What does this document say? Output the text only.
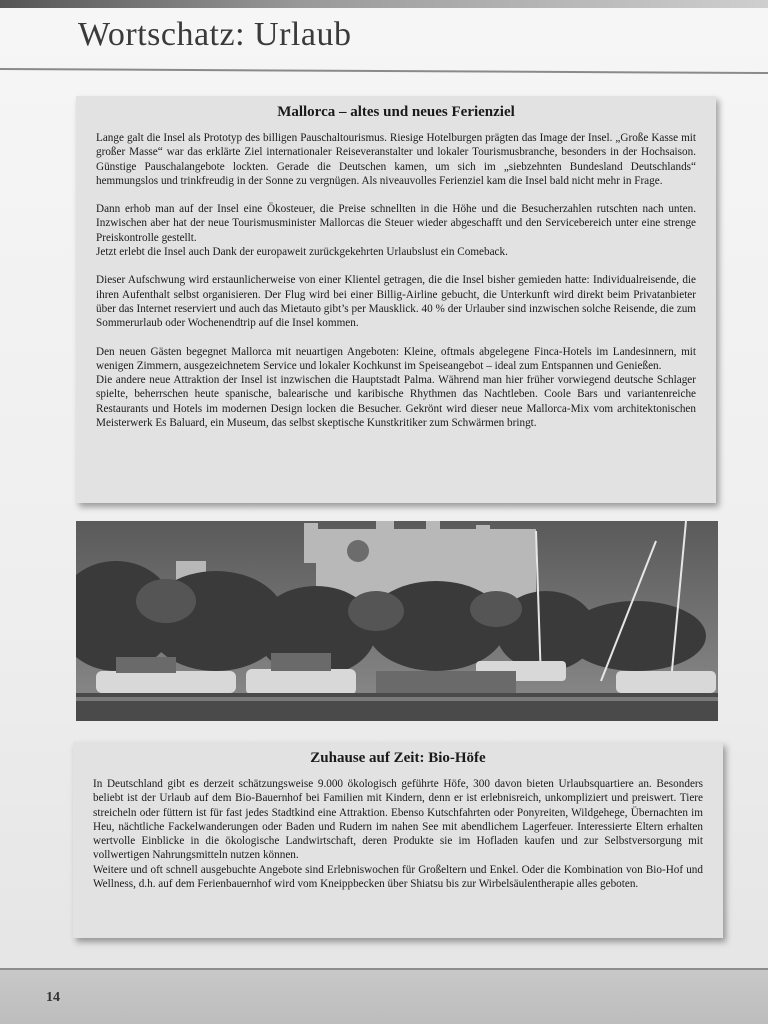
Wortschatz: Urlaub
Mallorca – altes und neues Ferienziel

Lange galt die Insel als Prototyp des billigen Pauschaltourismus. Riesige Hotelburgen prägten das Image der Insel. „Große Kasse mit großer Masse“ war das erklärte Ziel internationaler Reiseveranstalter und lokaler Tourismusbranche, besonders in der Hochsaison. Günstige Pauschalangebote lockten. Gerade die Deutschen kamen, um sich im „siebzehnten Bundesland Deutschlands“ hemmungslos und trinkfreudig in der Sonne zu vergnügen. Als niveauvolles Ferienziel kam die Insel bald nicht mehr in Frage.

Dann erhob man auf der Insel eine Ökosteuer, die Preise schnellten in die Höhe und die Besucherzahlen rutschten nach unten. Inzwischen aber hat der neue Tourismusminister Mallorcas die Steuer wieder abgeschafft und den Servicebereich unter eine strenge Preiskontrolle gestellt.

Jetzt erlebt die Insel auch Dank der europaweit zurückgekehrten Urlaubslust ein Comeback.

Dieser Aufschwung wird erstaunlicherweise von einer Klientel getragen, die die Insel bisher gemieden hatte: Individualreisende, die ihren Aufenthalt selbst organisieren. Der Flug wird bei einer Billig-Airline gebucht, die Unterkunft wird direkt beim Privatanbieter über das Internet reserviert und auch das Mietauto gibt’s per Mausklick. 40 % der Urlauber sind inzwischen solche Reisende, die zum Sommerurlaub oder Wochenendtrip auf die Insel kommen.

Den neuen Gästen begegnet Mallorca mit neuartigen Angeboten: Kleine, oftmals abgelegene Finca-Hotels im Landesinnern, mit wenigen Zimmern, ausgezeichnetem Service und lokaler Kochkunst im Speiseangebot – ideal zum Entspannen und Genießen.

Die andere neue Attraktion der Insel ist inzwischen die Hauptstadt Palma. Während man hier früher vorwiegend deutsche Schlager spielte, beherrschen heute spanische, balearische und karibische Rhythmen das Nachtleben. Coole Bars und variantenreiche Restaurants und Hotels im modernen Design locken die Besucher. Gekrönt wird dieser neue Mallorca-Mix vom architektonischen Meisterwerk Es Baluard, ein Museum, das selbst skeptische Kunstkritiker zum Schwärmen bringt.

Zuhause auf Zeit: Bio-Höfe

In Deutschland gibt es derzeit schätzungsweise 9.000 ökologisch geführte Höfe, 300 davon bieten Urlaubsquartiere an. Besonders beliebt ist der Urlaub auf dem Bio-Bauernhof bei Familien mit Kindern, denn er ist erlebnisreich, unkompliziert und preiswert. Tiere streicheln oder füttern ist für fast jedes Stadtkind eine Attraktion. Ebenso Kutschfahrten oder Ponyreiten, Wildgehege, Übernachten im Heu, nächtliche Fackelwanderungen oder Baden und Rudern im nahen See mit abendlichem Lagerfeuer. Interessierte Eltern erhalten wertvolle Einblicke in die ökologische Landwirtschaft, deren Produkte sie im Hofladen kaufen und zur Selbstversorgung mit vollwertigen Nahrungsmitteln nutzen können.

Weitere und oft schnell ausgebuchte Angebote sind Erlebniswochen für Großeltern und Enkel. Oder die Kombination von Bio-Hof und Wellness, d.h. auf dem Ferienbauernhof wird vom Kneippbecken über Shiatsu bis zur Wirbelsäulentherapie alles geboten.

14
